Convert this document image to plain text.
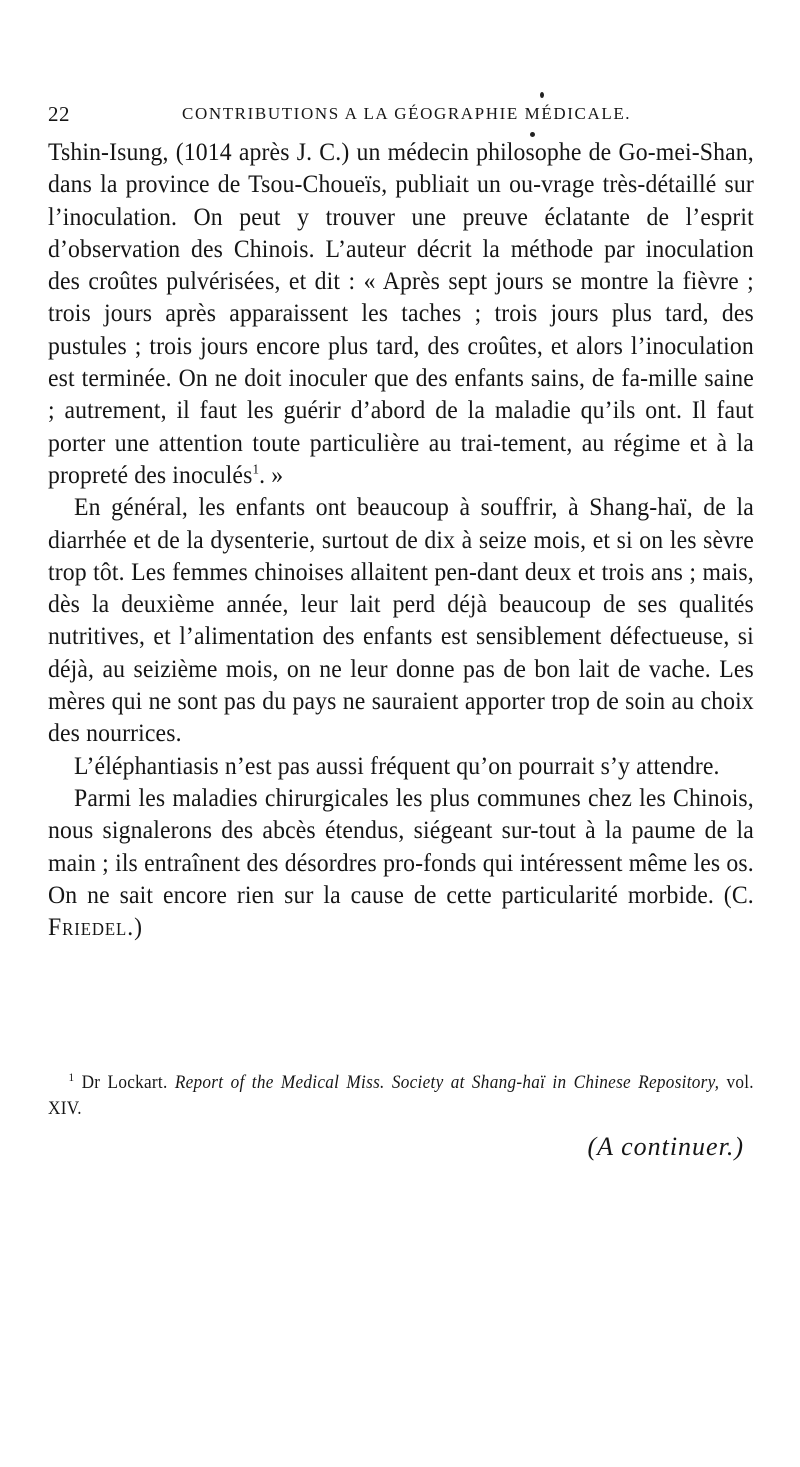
22	CONTRIBUTIONS A LA GÉOGRAPHIE MÉDICALE.

Tshin-Isung, (1014 après J. C.) un médecin philosophe de Go-mei-Shan, dans la province de Tsou-Choueïs, publiait un ou-vrage très-détaillé sur l’inoculation. On peut y trouver une preuve éclatante de l’esprit d’observation des Chinois. L’auteur décrit la méthode par inoculation des croûtes pulvérisées, et dit : « Après sept jours se montre la fièvre ; trois jours après apparaissent les taches ; trois jours plus tard, des pustules ; trois jours encore plus tard, des croûtes, et alors l’inoculation est terminée. On ne doit inoculer que des enfants sains, de fa-mille saine ; autrement, il faut les guérir d’abord de la maladie qu’ils ont. Il faut porter une attention toute particulière au trai-tement, au régime et à la propreté des inoculés$^1$. »

En général, les enfants ont beaucoup à souffrir, à Shang-haï, de la diarrhée et de la dysenterie, surtout de dix à seize mois, et si on les sèvre trop tôt. Les femmes chinoises allaitent pen-dant deux et trois ans ; mais, dès la deuxième année, leur lait perd déjà beaucoup de ses qualités nutritives, et l’alimentation des enfants est sensiblement défectueuse, si déjà, au seizième mois, on ne leur donne pas de bon lait de vache. Les mères qui ne sont pas du pays ne sauraient apporter trop de soin au choix des nourrices.

L’éléphantiasis n’est pas aussi fréquent qu’on pourrait s’y attendre.

Parmi les maladies chirurgicales les plus communes chez les Chinois, nous signalerons des abcès étendus, siégeant sur-tout à la paume de la main ; ils entraînent des désordres pro-fonds qui intéressent même les os. On ne sait encore rien sur la cause de cette particularité morbide. (C. Friedel.)

$^1$ Dr Lockart. Report of the Medical Miss. Society at Shang-haï in Chinese Repository, vol. XIV.

(A continuer.)
